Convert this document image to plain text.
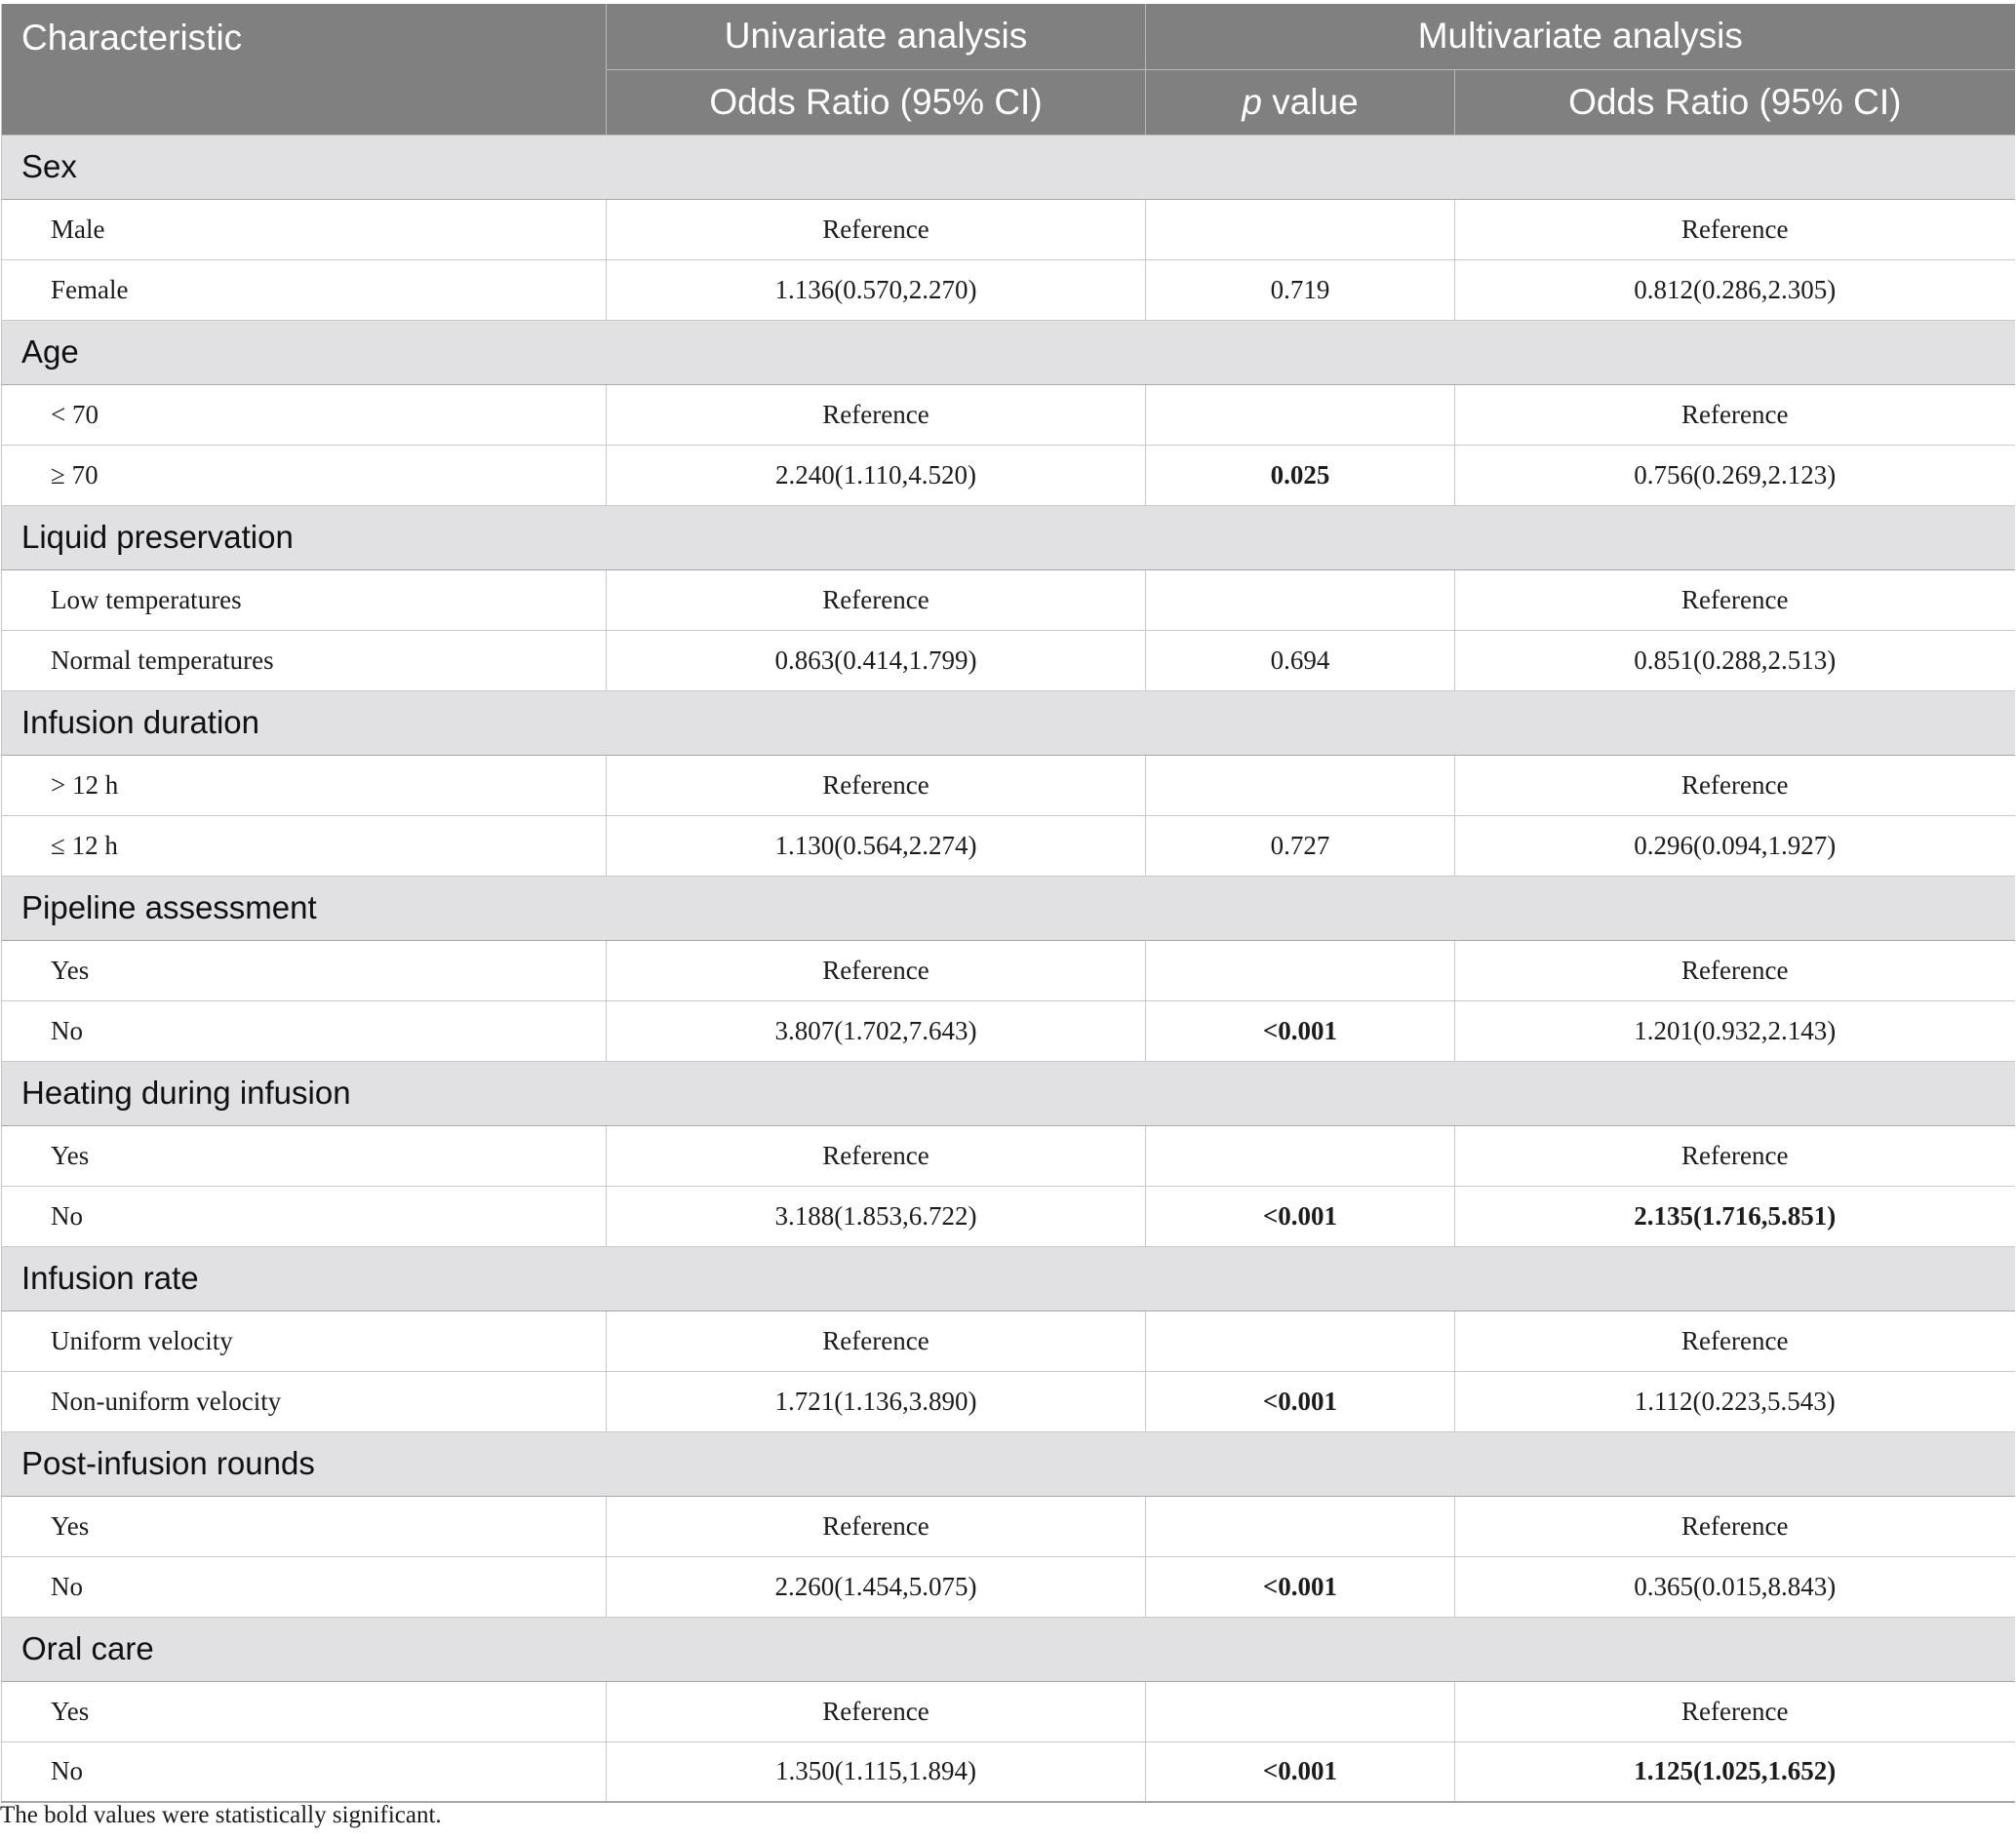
Characteristic	Univariate analysis	Multivariate analysis	
	Odds Ratio (95% CI)	p value	Odds Ratio (95% CI)
Sex			
Male	Reference		Reference
Female	1.136(0.570,2.270)	0.719	0.812(0.286,2.305)
Age			
< 70	Reference		Reference
≥ 70	2.240(1.110,4.520)	0.025	0.756(0.269,2.123)
Liquid preservation			
Low temperatures	Reference		Reference
Normal temperatures	0.863(0.414,1.799)	0.694	0.851(0.288,2.513)
Infusion duration			
> 12 h	Reference		Reference
≤ 12 h	1.130(0.564,2.274)	0.727	0.296(0.094,1.927)
Pipeline assessment			
Yes	Reference		Reference
No	3.807(1.702,7.643)	<0.001	1.201(0.932,2.143)
Heating during infusion			
Yes	Reference		Reference
No	3.188(1.853,6.722)	<0.001	2.135(1.716,5.851)
Infusion rate			
Uniform velocity	Reference		Reference
Non-uniform velocity	1.721(1.136,3.890)	<0.001	1.112(0.223,5.543)
Post-infusion rounds			
Yes	Reference		Reference
No	2.260(1.454,5.075)	<0.001	0.365(0.015,8.843)
Oral care			
Yes	Reference		Reference
No	1.350(1.115,1.894)	<0.001	1.125(1.025,1.652)
The bold values were statistically significant.
